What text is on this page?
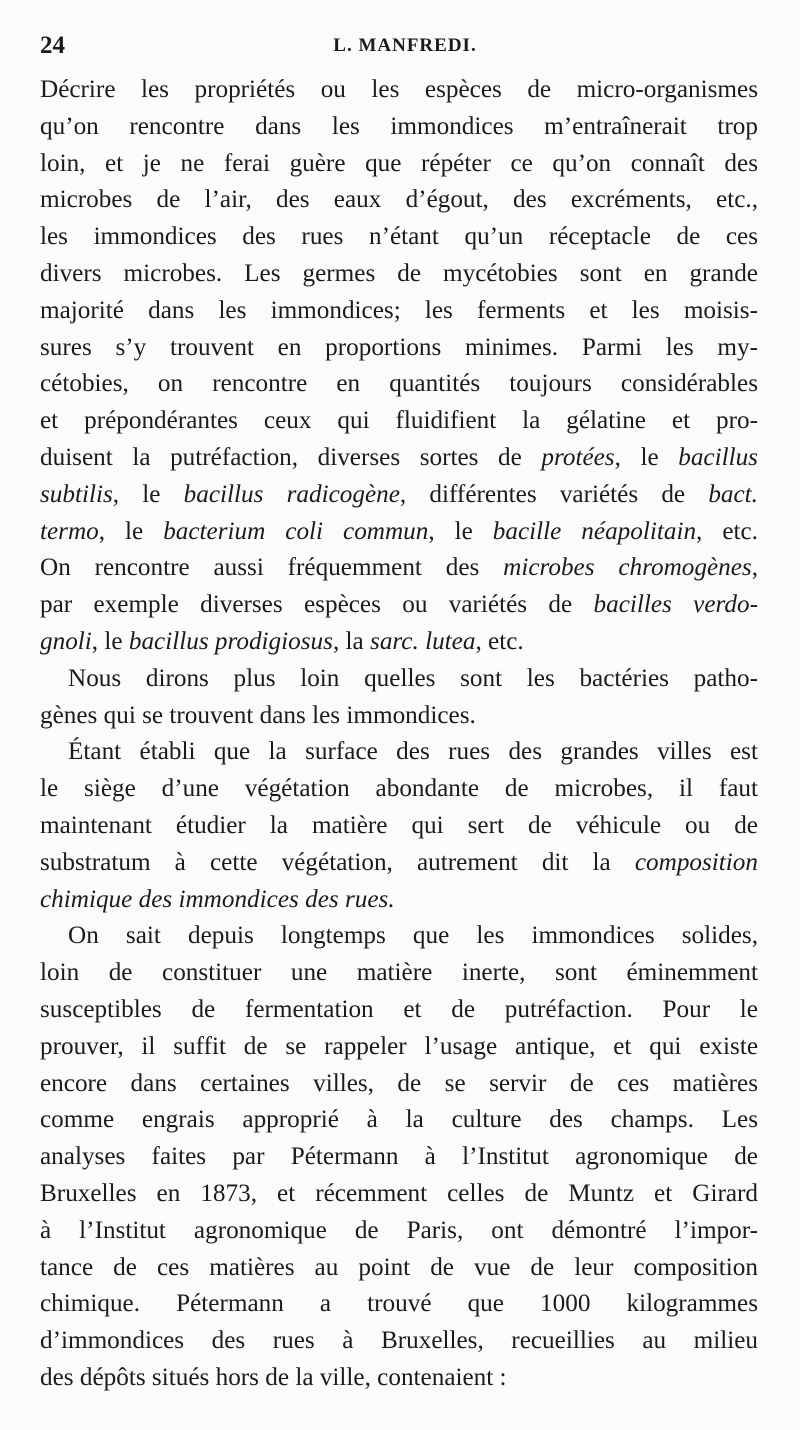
24	L. MANFREDI.
Décrire les propriétés ou les espèces de micro-organismes
qu’on rencontre dans les immondices m’entraînerait trop
loin, et je ne ferai guère que répéter ce qu’on connaît des
microbes de l’air, des eaux d’égout, des excréments, etc.,
les immondices des rues n’étant qu’un réceptacle de ces
divers microbes. Les germes de mycétobies sont en grande
majorité dans les immondices; les ferments et les moisis-
sures s’y trouvent en proportions minimes. Parmi les my-
cétobies, on rencontre en quantités toujours considérables
et prépondérantes ceux qui fluidifient la gélatine et pro-
duisent la putréfaction, diverses sortes de protées, le bacillus
subtilis, le bacillus radicogène, différentes variétés de bact.
termo, le bacterium coli commun, le bacille néapolitain, etc.
On rencontre aussi fréquemment des microbes chromogènes,
par exemple diverses espèces ou variétés de bacilles verdo-
gnoli, le bacillus prodigiosus, la sarc. lutea, etc.
Nous dirons plus loin quelles sont les bactéries patho-
gènes qui se trouvent dans les immondices.
Étant établi que la surface des rues des grandes villes est
le siège d’une végétation abondante de microbes, il faut
maintenant étudier la matière qui sert de véhicule ou de
substratum à cette végétation, autrement dit la composition
chimique des immondices des rues.
On sait depuis longtemps que les immondices solides,
loin de constituer une matière inerte, sont éminemment
susceptibles de fermentation et de putréfaction. Pour le
prouver, il suffit de se rappeler l’usage antique, et qui existe
encore dans certaines villes, de se servir de ces matières
comme engrais approprié à la culture des champs. Les
analyses faites par Pétermann à l’Institut agronomique de
Bruxelles en 1873, et récemment celles de Muntz et Girard
à l’Institut agronomique de Paris, ont démontré l’impor-
tance de ces matières au point de vue de leur composition
chimique. Pétermann a trouvé que 1000 kilogrammes
d’immondices des rues à Bruxelles, recueillies au milieu
des dépôts situés hors de la ville, contenaient :
